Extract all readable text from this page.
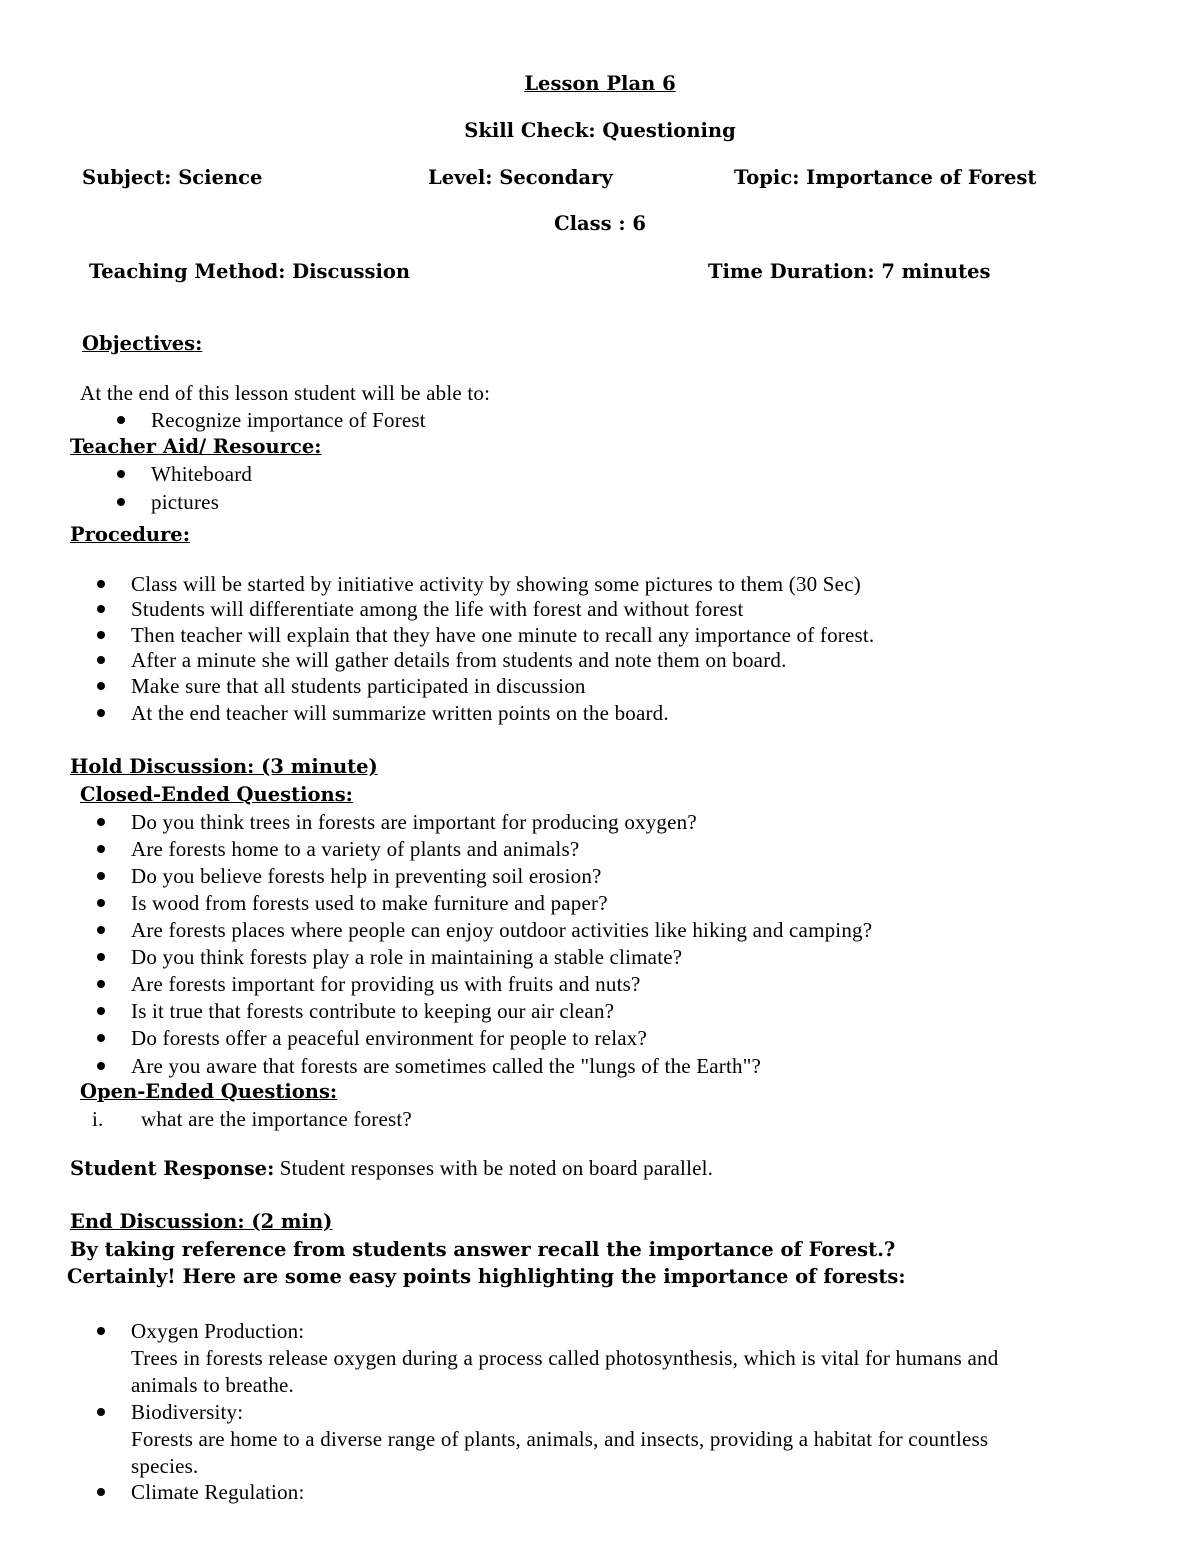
Lesson Plan 6
Skill Check: Questioning
Subject: Science	Level: Secondary	Topic: Importance of Forest
Class : 6
Teaching Method: Discussion	Time Duration: 7 minutes
Objectives:
At the end of this lesson student will be able to:
Recognize importance of Forest
Teacher Aid/ Resource:
Whiteboard
pictures
Procedure:
Class will be started by initiative activity by showing some pictures to them (30 Sec)
Students will differentiate among the life with forest and without forest
Then teacher will explain that they have one minute to recall any importance of forest.
After a minute she will gather details from students and note them on board.
Make sure that all students participated in discussion
At the end teacher will summarize written points on the board.
Hold Discussion: (3 minute)
Closed-Ended Questions:
Do you think trees in forests are important for producing oxygen?
Are forests home to a variety of plants and animals?
Do you believe forests help in preventing soil erosion?
Is wood from forests used to make furniture and paper?
Are forests places where people can enjoy outdoor activities like hiking and camping?
Do you think forests play a role in maintaining a stable climate?
Are forests important for providing us with fruits and nuts?
Is it true that forests contribute to keeping our air clean?
Do forests offer a peaceful environment for people to relax?
Are you aware that forests are sometimes called the "lungs of the Earth"?
Open-Ended Questions:
i. what are the importance forest?
Student Response: Student responses with be noted on board parallel.
End Discussion: (2 min)
By taking reference from students answer recall the importance of Forest.?
Certainly! Here are some easy points highlighting the importance of forests:
Oxygen Production:
Trees in forests release oxygen during a process called photosynthesis, which is vital for humans and
animals to breathe.
Biodiversity:
Forests are home to a diverse range of plants, animals, and insects, providing a habitat for countless
species.
Climate Regulation:
